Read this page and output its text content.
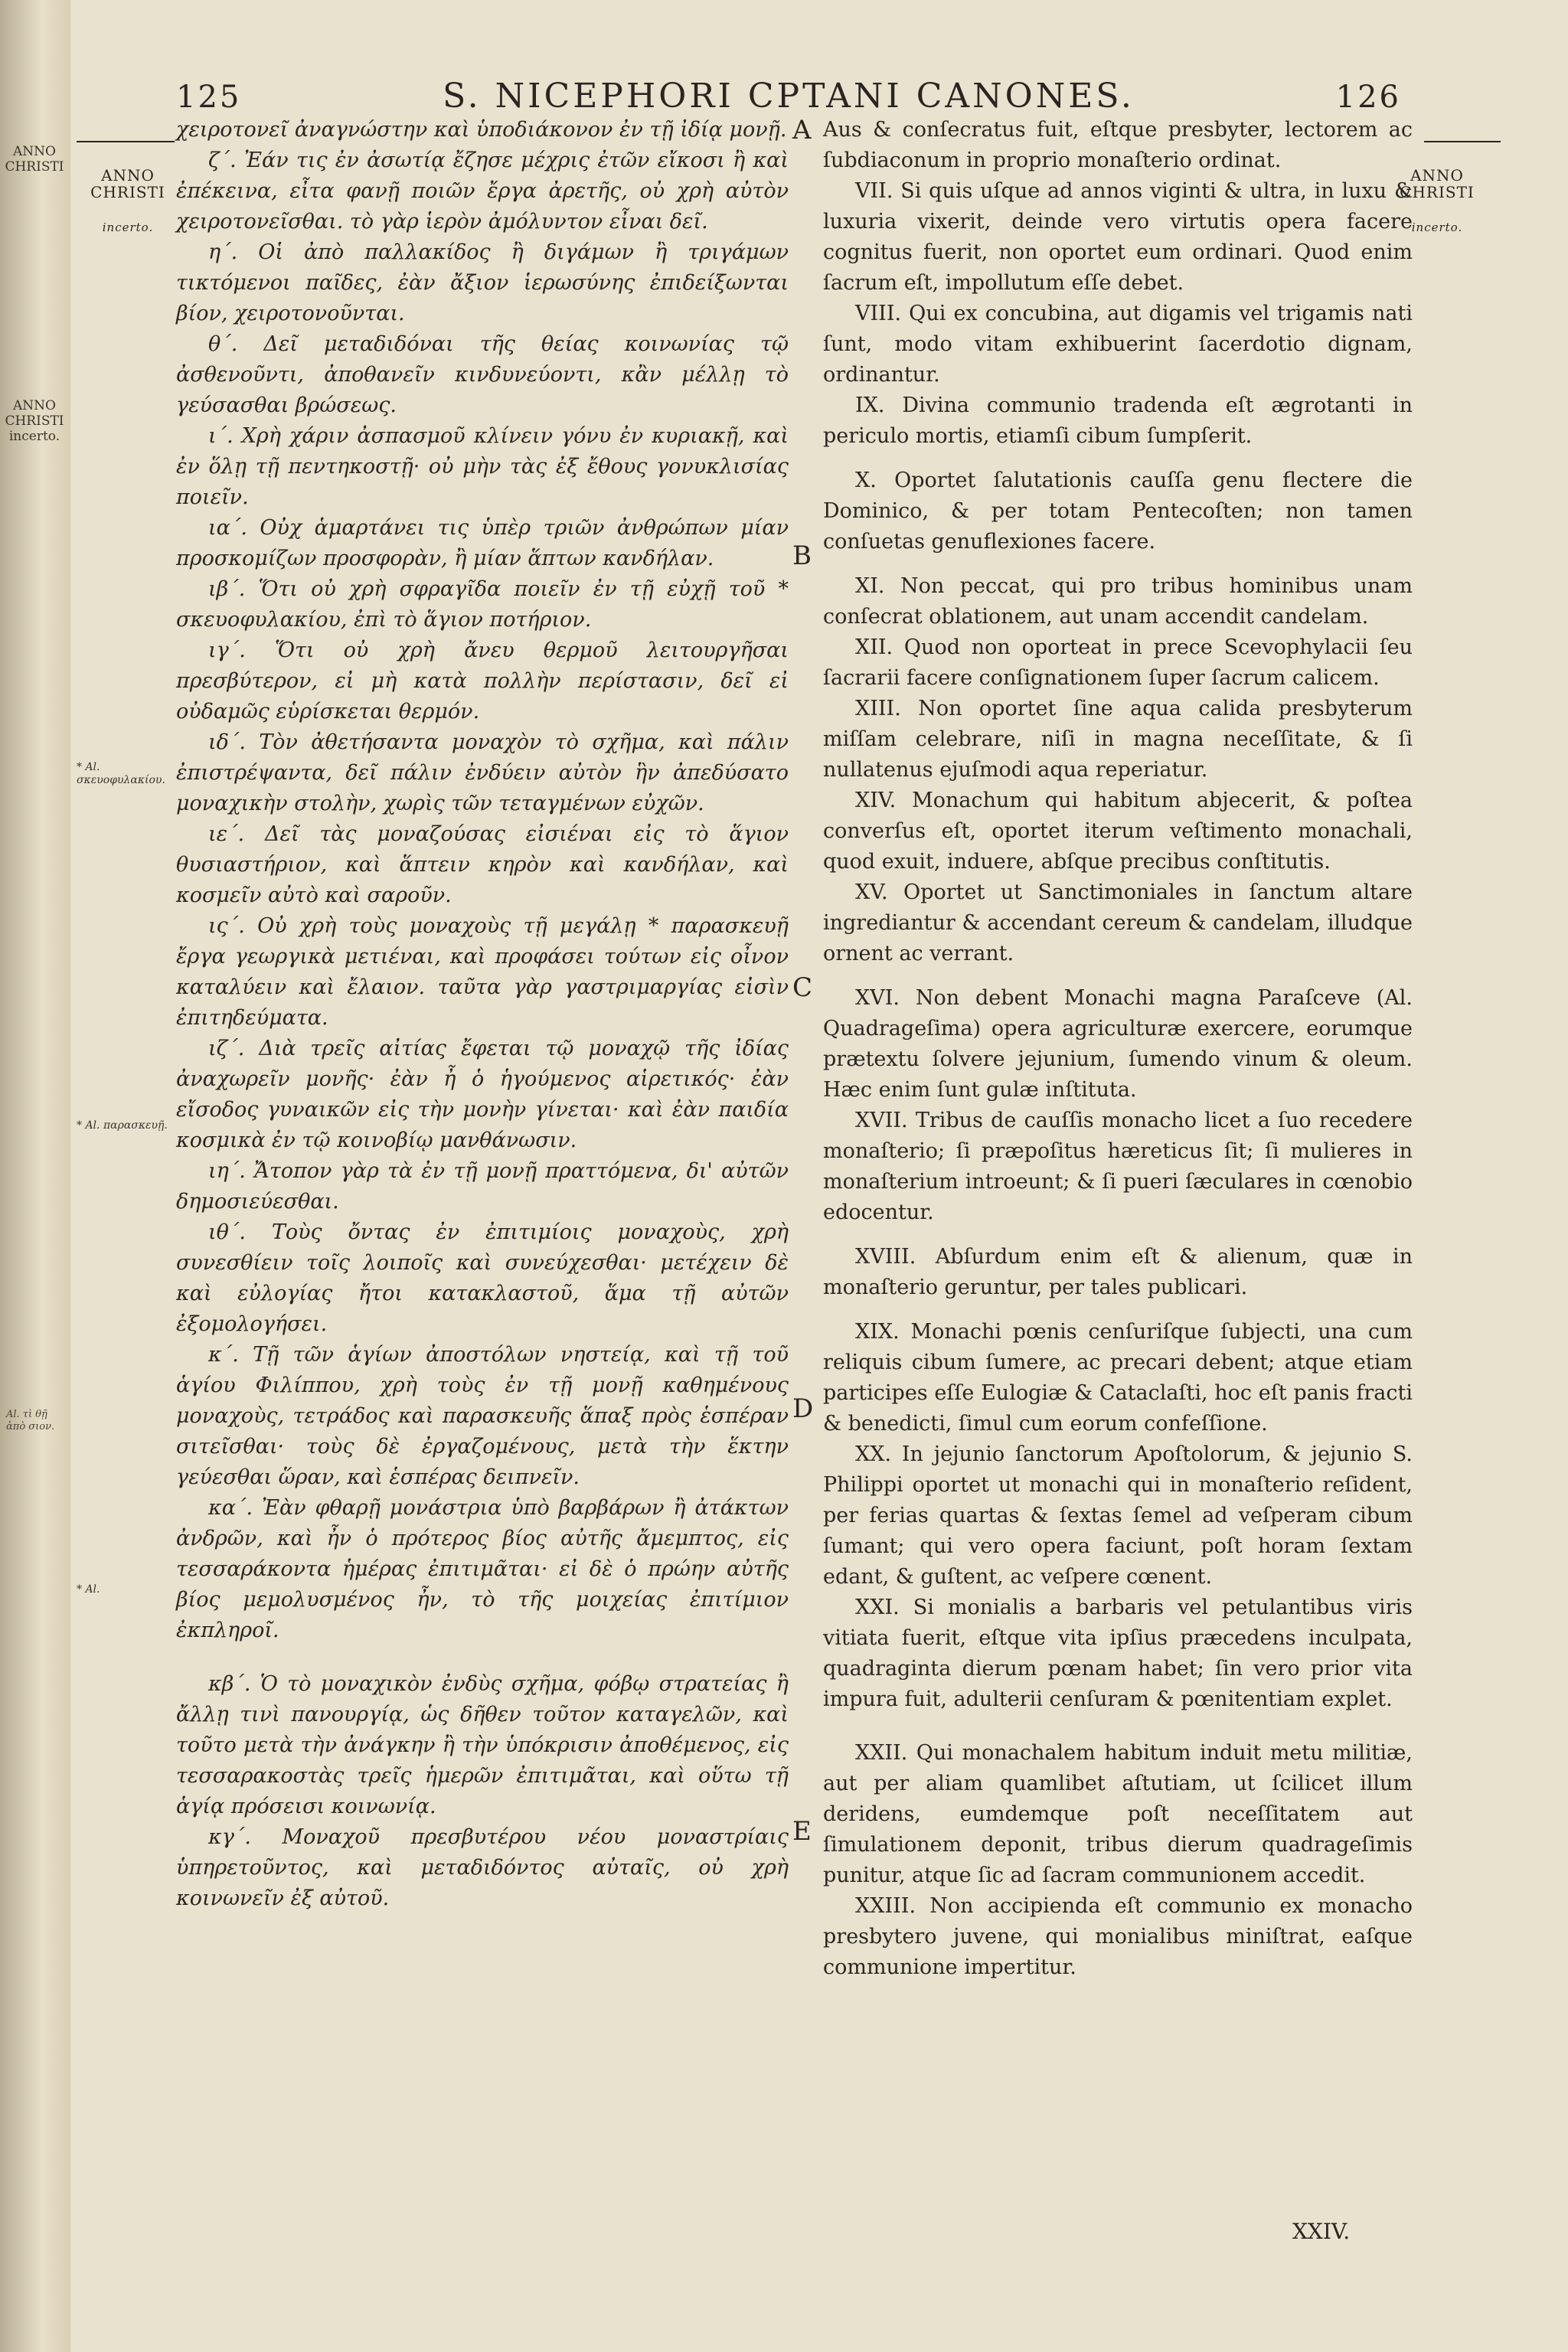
ANNO CHRISTI
ANNO CHRISTI incerto.
Al. τὶ θῇ ἀπὸ σιον.
125	S. NICEPHORI CPTANI CANONES.	126

ANNO
CHRISTI

incerto.

ANNO
CHRISTI

incerto.

* Al. σκευοφυλακίου.
* Al. παρασκευῇ.
* Al.
A
B
C
D
E

χειροτονεῖ ἀναγνώστην καὶ ὑποδιάκονον ἐν τῇ ἰδίᾳ μονῇ.

ζ΄. Ἐάν τις ἐν ἀσωτίᾳ ἔζησε μέχρις ἐτῶν εἴκοσι ἢ καὶ ἐπέκεινα, εἶτα φανῇ ποιῶν ἔργα ἀρετῆς, οὐ χρὴ αὐτὸν χειροτονεῖσθαι. τὸ γὰρ ἱερὸν ἀμόλυντον εἶναι δεῖ.

η΄. Οἱ ἀπὸ παλλακίδος ἢ διγάμων ἢ τριγάμων τικτόμενοι παῖδες, ἐὰν ἄξιον ἱερωσύνης ἐπιδείξωνται βίον, χειροτονοῦνται.

θ΄. Δεῖ μεταδιδόναι τῆς θείας κοινωνίας τῷ ἀσθενοῦντι, ἀποθανεῖν κινδυνεύοντι, κἂν μέλλῃ τὸ γεύσασθαι βρώσεως.

ι΄. Χρὴ χάριν ἀσπασμοῦ κλίνειν γόνυ ἐν κυριακῇ, καὶ ἐν ὅλῃ τῇ πεντηκοστῇ· οὐ μὴν τὰς ἐξ ἔθους γονυκλισίας ποιεῖν.

ια΄. Οὐχ ἁμαρτάνει τις ὑπὲρ τριῶν ἀνθρώπων μίαν προσκομίζων προσφορὰν, ἢ μίαν ἅπτων κανδήλαν.

ιβ΄. Ὅτι οὐ χρὴ σφραγῖδα ποιεῖν ἐν τῇ εὐχῇ τοῦ * σκευοφυλακίου, ἐπὶ τὸ ἅγιον ποτήριον.

ιγ΄. Ὅτι οὐ χρὴ ἄνευ θερμοῦ λειτουργῆσαι πρεσβύτερον, εἰ μὴ κατὰ πολλὴν περίστασιν, δεῖ εἰ οὐδαμῶς εὑρίσκεται θερμόν.

ιδ΄. Τὸν ἀθετήσαντα μοναχὸν τὸ σχῆμα, καὶ πάλιν ἐπιστρέψαντα, δεῖ πάλιν ἐνδύειν αὐτὸν ἣν ἀπεδύσατο μοναχικὴν στολὴν, χωρὶς τῶν τεταγμένων εὐχῶν.

ιε΄. Δεῖ τὰς μοναζούσας εἰσιέναι εἰς τὸ ἅγιον θυσιαστήριον, καὶ ἅπτειν κηρὸν καὶ κανδήλαν, καὶ κοσμεῖν αὐτὸ καὶ σαροῦν.

ις΄. Οὐ χρὴ τοὺς μοναχοὺς τῇ μεγάλῃ * παρασκευῇ ἔργα γεωργικὰ μετιέναι, καὶ προφάσει τούτων εἰς οἶνον καταλύειν καὶ ἔλαιον. ταῦτα γὰρ γαστριμαργίας εἰσὶν ἐπιτηδεύματα.

ιζ΄. Διὰ τρεῖς αἰτίας ἔφεται τῷ μοναχῷ τῆς ἰδίας ἀναχωρεῖν μονῆς· ἐὰν ἦ ὁ ἡγούμενος αἱρετικός· ἐὰν εἴσοδος γυναικῶν εἰς τὴν μονὴν γίνεται· καὶ ἐὰν παιδία κοσμικὰ ἐν τῷ κοινοβίῳ μανθάνωσιν.

ιη΄. Ἄτοπον γὰρ τὰ ἐν τῇ μονῇ πραττόμενα, δι' αὐτῶν δημοσιεύεσθαι.

ιθ΄. Τοὺς ὄντας ἐν ἐπιτιμίοις μοναχοὺς, χρὴ συνεσθίειν τοῖς λοιποῖς καὶ συνεύχεσθαι· μετέχειν δὲ καὶ εὐλογίας ἤτοι κατακλαστοῦ, ἅμα τῇ αὐτῶν ἐξομολογήσει.

κ΄. Τῇ τῶν ἁγίων ἀποστόλων νηστείᾳ, καὶ τῇ τοῦ ἁγίου Φιλίππου, χρὴ τοὺς ἐν τῇ μονῇ καθημένους μοναχοὺς, τετράδος καὶ παρασκευῆς ἅπαξ πρὸς ἑσπέραν σιτεῖσθαι· τοὺς δὲ ἐργαζομένους, μετὰ τὴν ἕκτην γεύεσθαι ὥραν, καὶ ἑσπέρας δειπνεῖν.

κα΄. Ἐὰν φθαρῇ μονάστρια ὑπὸ βαρβάρων ἢ ἀτάκτων ἀνδρῶν, καὶ ἦν ὁ πρότερος βίος αὐτῆς ἄμεμπτος, εἰς τεσσαράκοντα ἡμέρας ἐπιτιμᾶται· εἰ δὲ ὁ πρώην αὐτῆς βίος μεμολυσμένος ἦν, τὸ τῆς μοιχείας ἐπιτίμιον ἐκπληροῖ.

κβ΄. Ὁ τὸ μοναχικὸν ἐνδὺς σχῆμα, φόβῳ στρατείας ἢ ἄλλῃ τινὶ πανουργίᾳ, ὡς δῆθεν τοῦτον καταγελῶν, καὶ τοῦτο μετὰ τὴν ἀνάγκην ἢ τὴν ὑπόκρισιν ἀποθέμενος, εἰς τεσσαρακοστὰς τρεῖς ἡμερῶν ἐπιτιμᾶται, καὶ οὕτω τῇ ἁγίᾳ πρόσεισι κοινωνίᾳ.

κγ΄. Μοναχοῦ πρεσβυτέρου νέου μοναστρίαις ὑπηρετοῦντος, καὶ μεταδιδόντος αὐταῖς, οὐ χρὴ κοινωνεῖν ἐξ αὐτοῦ.

Aus & conſecratus fuit, eſtque presbyter, lectorem ac ſubdiaconum in proprio monaſterio ordinat.

VII. Si quis uſque ad annos viginti & ultra, in luxu & luxuria vixerit, deinde vero virtutis opera facere cognitus fuerit, non oportet eum ordinari. Quod enim ſacrum eſt, impollutum eſſe debet.

VIII. Qui ex concubina, aut digamis vel trigamis nati ſunt, modo vitam exhibuerint ſacerdotio dignam, ordinantur.

IX. Divina communio tradenda eſt ægrotanti in periculo mortis, etiamſi cibum ſumpſerit.

X. Oportet ſalutationis cauſſa genu flectere die Dominico, & per totam Pentecoſten; non tamen conſuetas genuflexiones facere.

XI. Non peccat, qui pro tribus hominibus unam conſecrat oblationem, aut unam accendit candelam.

XII. Quod non oporteat in prece Scevophylacii ſeu ſacrarii facere conſignationem ſuper ſacrum calicem.

XIII. Non oportet ſine aqua calida presbyterum miſſam celebrare, niſi in magna neceſſitate, & ſi nullatenus ejuſmodi aqua reperiatur.

XIV. Monachum qui habitum abjecerit, & poſtea converſus eſt, oportet iterum veſtimento monachali, quod exuit, induere, abſque precibus conſtitutis.

XV. Oportet ut Sanctimoniales in ſanctum altare ingrediantur & accendant cereum & candelam, illudque ornent ac verrant.

XVI. Non debent Monachi magna Paraſceve (Al. Quadrageſima) opera agriculturæ exercere, eorumque prætextu ſolvere jejunium, ſumendo vinum & oleum. Hæc enim ſunt gulæ inſtituta.

XVII. Tribus de cauſſis monacho licet a ſuo recedere monaſterio; ſi præpoſitus hæreticus ſit; ſi mulieres in monaſterium introeunt; & ſi pueri ſæculares in cœnobio edocentur.

XVIII. Abſurdum enim eſt & alienum, quæ in monaſterio geruntur, per tales publicari.

XIX. Monachi pœnis cenſuriſque ſubjecti, una cum reliquis cibum ſumere, ac precari debent; atque etiam participes eſſe Eulogiæ & Cataclaſti, hoc eſt panis fracti & benedicti, ſimul cum eorum confeſſione.

XX. In jejunio ſanctorum Apoſtolorum, & jejunio S. Philippi oportet ut monachi qui in monaſterio reſident, per ferias quartas & ſextas ſemel ad veſperam cibum ſumant; qui vero opera faciunt, poſt horam ſextam edant, & guſtent, ac veſpere cœnent.

XXI. Si monialis a barbaris vel petulantibus viris vitiata fuerit, eſtque vita ipſius præcedens inculpata, quadraginta dierum pœnam habet; ſin vero prior vita impura fuit, adulterii cenſuram & pœnitentiam explet.

XXII. Qui monachalem habitum induit metu militiæ, aut per aliam quamlibet aſtutiam, ut ſcilicet illum deridens, eumdemque poſt neceſſitatem aut ſimulationem deponit, tribus dierum quadrageſimis punitur, atque ſic ad ſacram communionem accedit.

XXIII. Non accipienda eſt communio ex monacho presbytero juvene, qui monialibus miniſtrat, eaſque communione impertitur.

XXIV.
